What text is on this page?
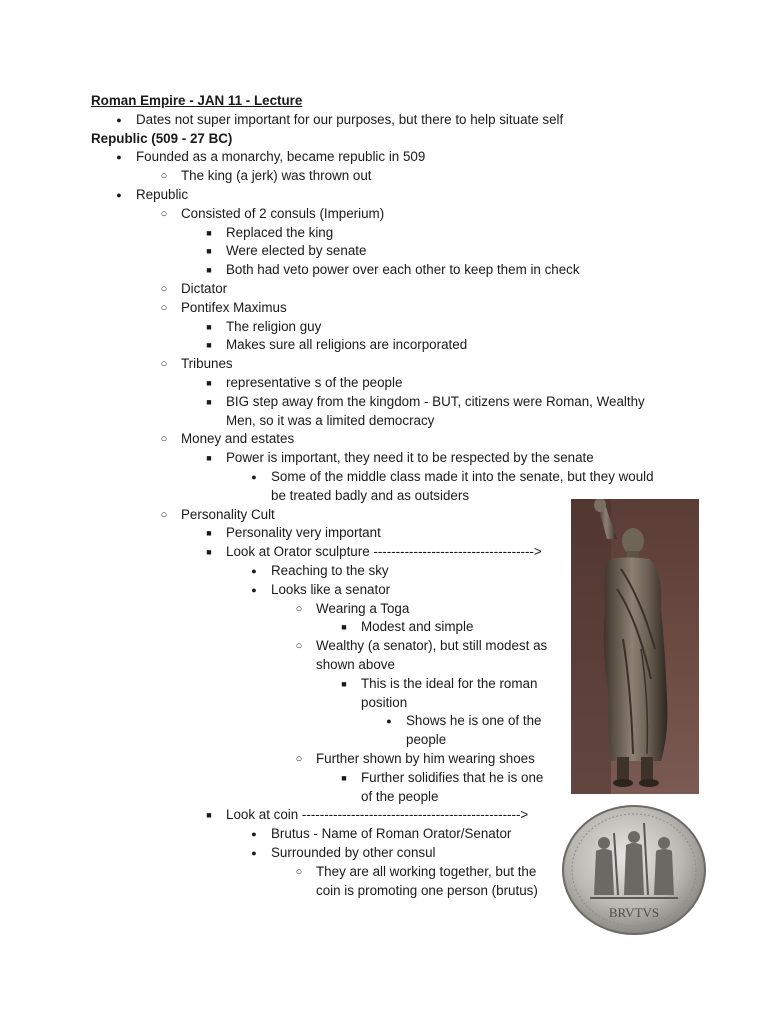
Roman Empire - JAN 11 - Lecture
● Dates not super important for our purposes, but there to help situate self
Republic (509 - 27 BC)
● Founded as a monarchy, became republic in 509
○ The king (a jerk) was thrown out
● Republic
○ Consisted of 2 consuls (Imperium)
■ Replaced the king
■ Were elected by senate
■ Both had veto power over each other to keep them in check
○ Dictator
○ Pontifex Maximus
■ The religion guy
■ Makes sure all religions are incorporated
○ Tribunes
■ representative s of the people
■ BIG step away from the kingdom - BUT, citizens were Roman, Wealthy
Men, so it was a limited democracy
○ Money and estates
■ Power is important, they need it to be respected by the senate
● Some of the middle class made it into the senate, but they would
be treated badly and as outsiders
○ Personality Cult
■ Personality very important
■ Look at Orator sculpture ------------------------------------>
● Reaching to the sky
● Looks like a senator
○ Wearing a Toga
■ Modest and simple
○ Wealthy (a senator), but still modest as
shown above
■ This is the ideal for the roman
position
● Shows he is one of the
people
○ Further shown by him wearing shoes
■ Further solidifies that he is one
of the people
■ Look at coin ------------------------------------------------->
● Brutus - Name of Roman Orator/Senator
● Surrounded by other consul
○ They are all working together, but the
coin is promoting one person (brutus)
BRVTVS
